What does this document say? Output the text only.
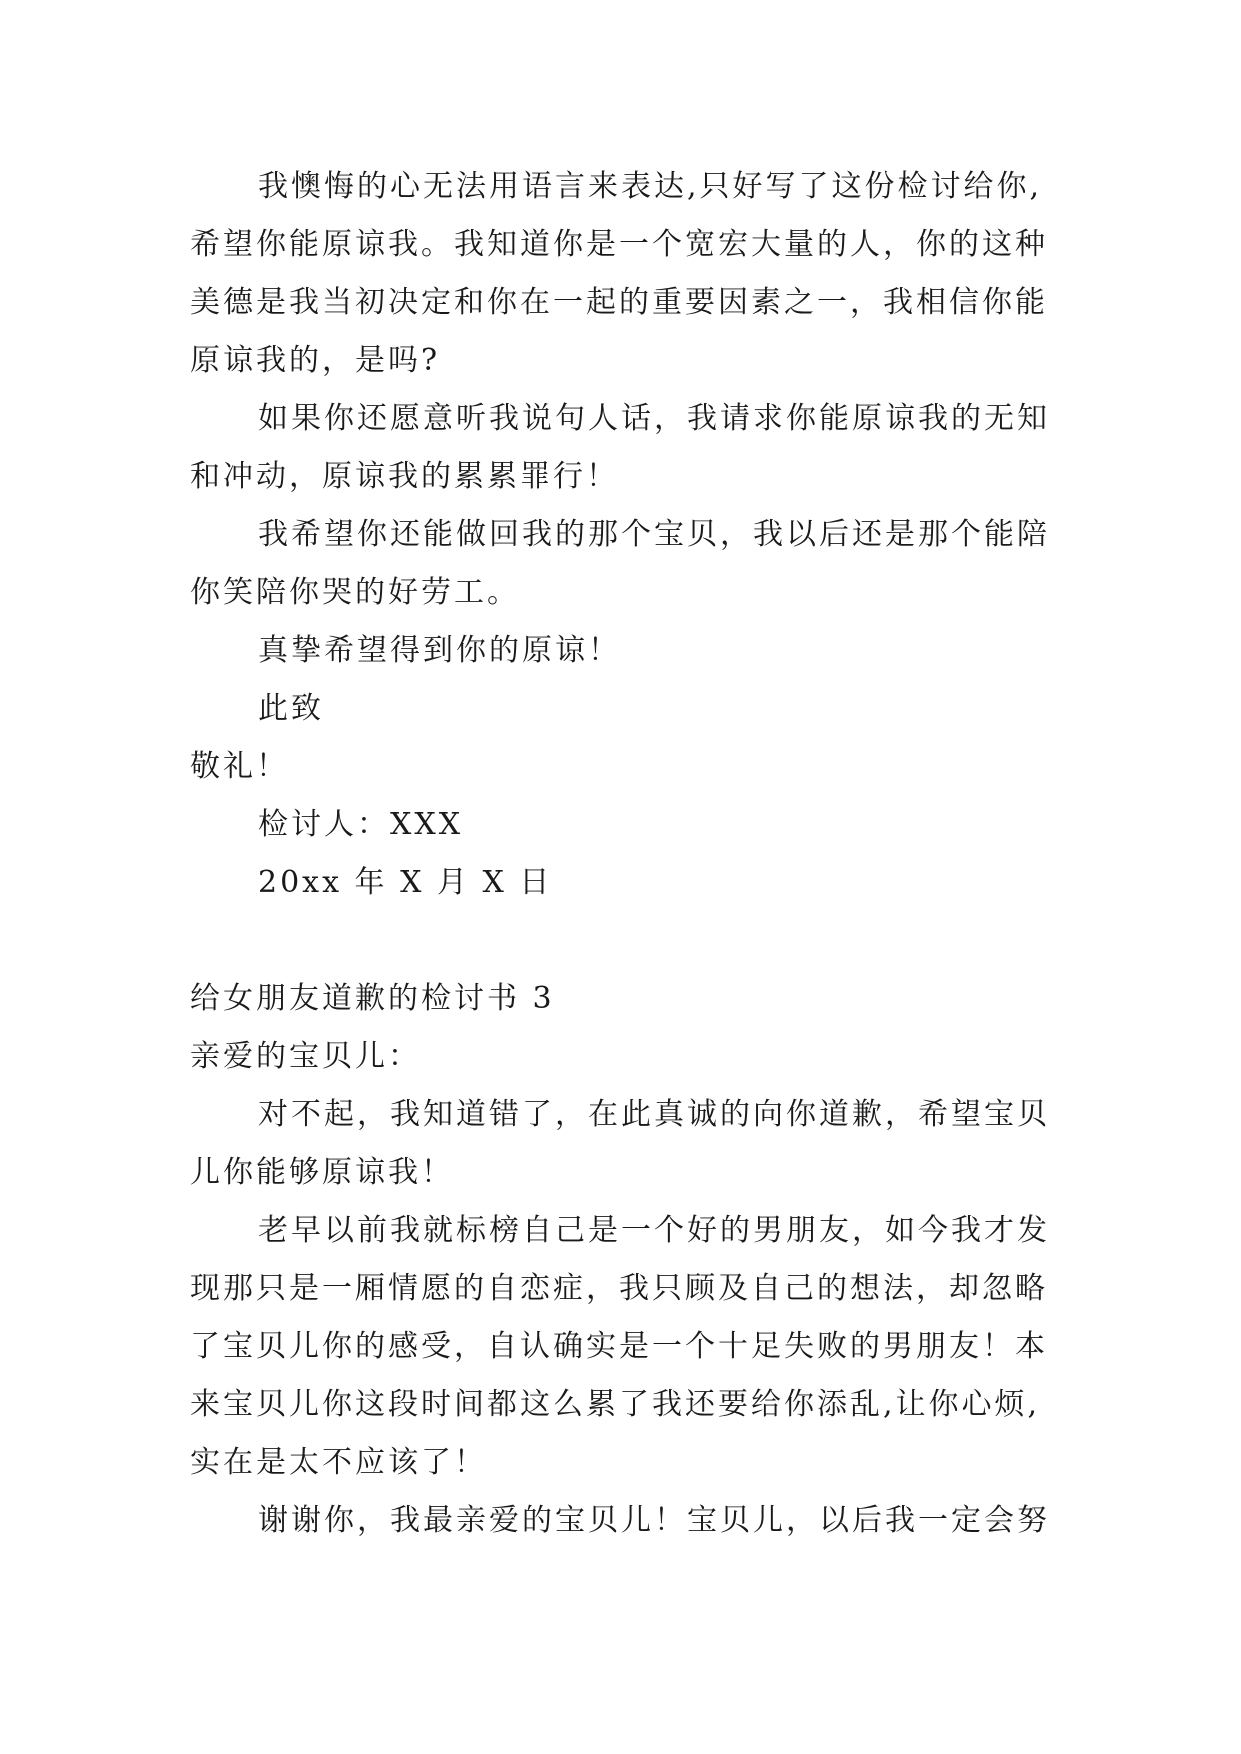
我懊悔的心无法用语言来表达,只好写了这份检讨给你,
希望你能原谅我。我知道你是一个宽宏大量的人，你的这种
美德是我当初决定和你在一起的重要因素之一，我相信你能
原谅我的，是吗?
如果你还愿意听我说句人话，我请求你能原谅我的无知
和冲动，原谅我的累累罪行！
我希望你还能做回我的那个宝贝，我以后还是那个能陪
你笑陪你哭的好劳工。
真挚希望得到你的原谅！
此致
敬礼！
检讨人：XXX
20xx 年 X 月 X 日
给女朋友道歉的检讨书 3
亲爱的宝贝儿：
对不起，我知道错了，在此真诚的向你道歉，希望宝贝
儿你能够原谅我！
老早以前我就标榜自己是一个好的男朋友，如今我才发
现那只是一厢情愿的自恋症，我只顾及自己的想法，却忽略
了宝贝儿你的感受，自认确实是一个十足失败的男朋友！本
来宝贝儿你这段时间都这么累了我还要给你添乱,让你心烦,
实在是太不应该了！
谢谢你，我最亲爱的宝贝儿！宝贝儿，以后我一定会努
